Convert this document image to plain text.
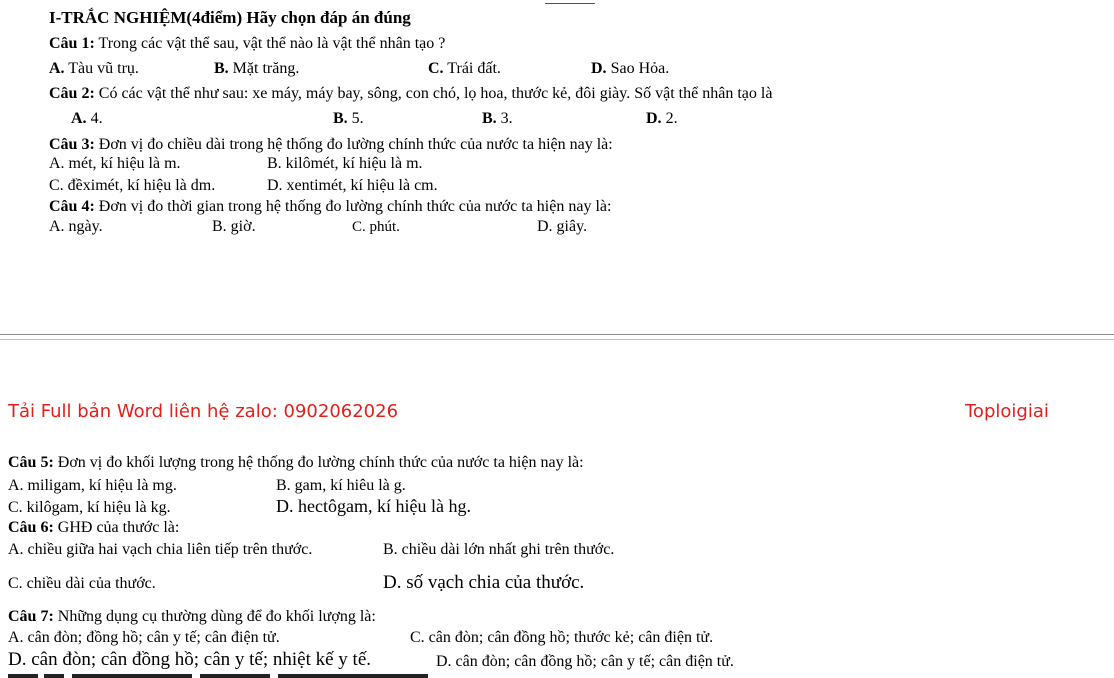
I-TRẮC NGHIỆM(4điểm) Hãy chọn đáp án đúng
Câu 1: Trong các vật thể sau, vật thể nào là vật thể nhân tạo ?
A. Tàu vũ trụ.	B. Mặt trăng.	C. Trái đất.	D. Sao Hỏa.
Câu 2: Có các vật thể như sau: xe máy, máy bay, sông, con chó, lọ hoa, thước kẻ, đôi giày. Số vật thể nhân tạo là
A. 4.	B. 5.	B. 3.	D. 2.
Câu 3: Đơn vị đo chiều dài trong hệ thống đo lường chính thức của nước ta hiện nay là:
A. mét, kí hiệu là m.	B. kilômét, kí hiệu là m.
C. đềximét, kí hiệu là dm.	D. xentimét, kí hiệu là cm.
Câu 4: Đơn vị đo thời gian trong hệ thống đo lường chính thức của nước ta hiện nay là:
A. ngày.	B. giờ.	C. phút.	D. giây.
Tải Full bản Word liên hệ zalo: 0902062026	Toploigiai
Câu 5: Đơn vị đo khối lượng trong hệ thống đo lường chính thức của nước ta hiện nay là:
A. miligam, kí hiệu là mg.	B. gam, kí hiêu là g.
C. kilôgam, kí hiệu là kg.	D. hectôgam, kí hiệu là hg.
Câu 6: GHĐ của thước là:
A. chiều giữa hai vạch chia liên tiếp trên thước.	B. chiều dài lớn nhất ghi trên thước.
C. chiều dài của thước.	D. số vạch chia của thước.
Câu 7: Những dụng cụ thường dùng để đo khối lượng là:
A. cân đòn; đồng hồ; cân y tế; cân điện tử.	C. cân đòn; cân đồng hồ; thước kẻ; cân điện tử.
D. cân đòn; cân đồng hồ; cân y tế; nhiệt kế y tế.	D. cân đòn; cân đồng hồ; cân y tế; cân điện tử.
